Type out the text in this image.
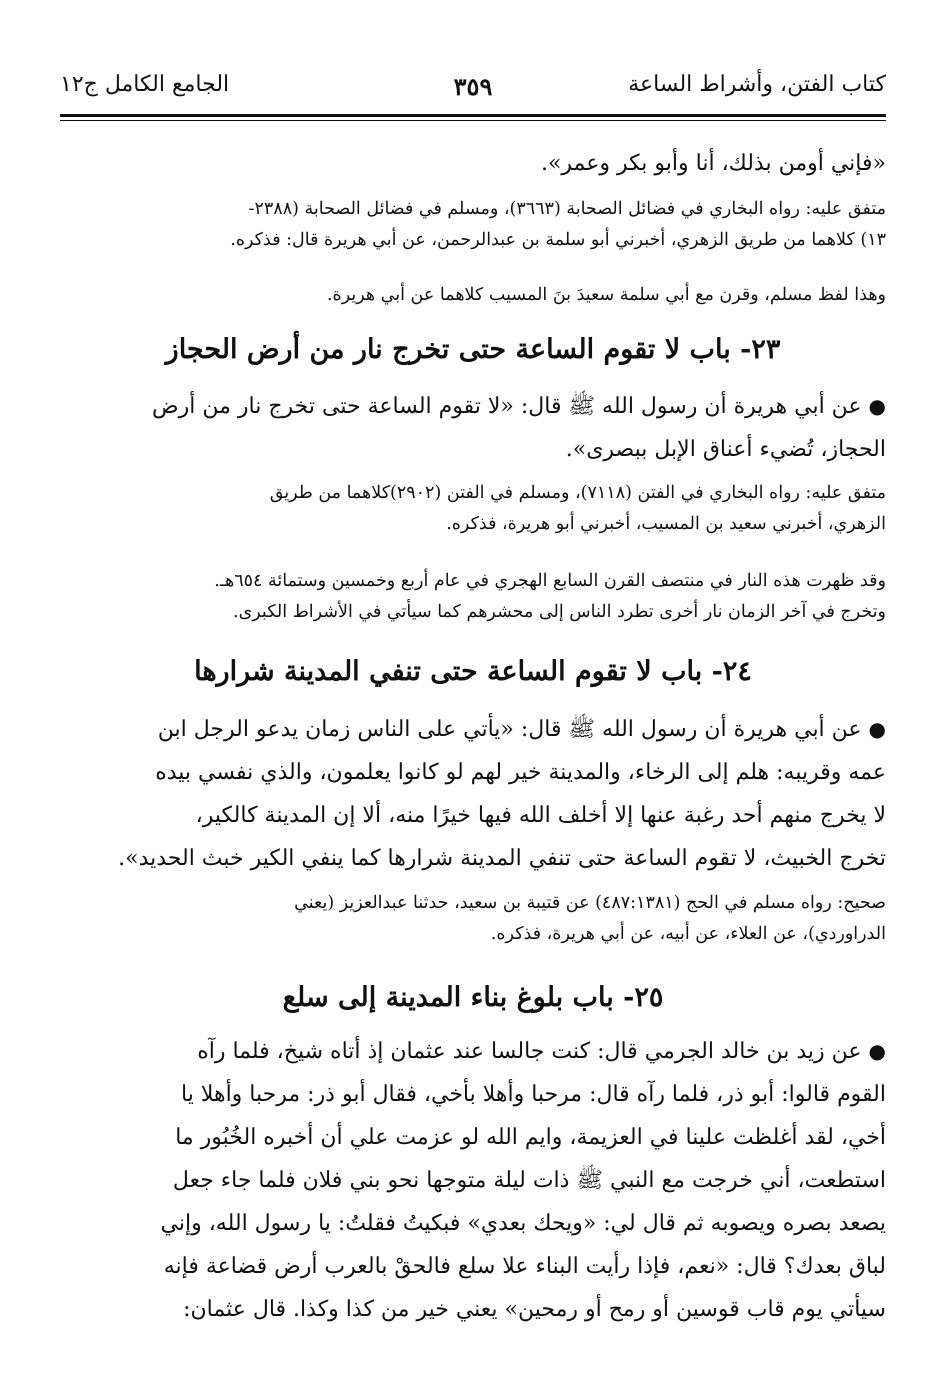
كتاب الفتن، وأشراط الساعة
٣٥٩
الجامع الكامل ج١٢
«فإني أومن بذلك، أنا وأبو بكر وعمر».
متفق عليه: رواه البخاري في فضائل الصحابة (٣٦٦٣)، ومسلم في فضائل الصحابة (٢٣٨٨-
١٣) كلاهما من طريق الزهري، أخبرني أبو سلمة بن عبدالرحمن، عن أبي هريرة قال: فذكره.
وهذا لفظ مسلم، وقرن مع أبي سلمة سعيدَ بنَ المسيب كلاهما عن أبي هريرة.
٢٣- باب لا تقوم الساعة حتى تخرج نار من أرض الحجاز
● عن أبي هريرة أن رسول الله ﷺ قال: «لا تقوم الساعة حتى تخرج نار من أرض
الحجاز، تُضيء أعناق الإبل ببصرى».
متفق عليه: رواه البخاري في الفتن (٧١١٨)، ومسلم في الفتن (٢٩٠٢)كلاهما من طريق
الزهري، أخبرني سعيد بن المسيب، أخبرني أبو هريرة، فذكره.
وقد ظهرت هذه النار في منتصف القرن السابع الهجري في عام أربع وخمسين وستمائة ٦٥٤هـ.
وتخرج في آخر الزمان نار أخرى تطرد الناس إلى محشرهم كما سيأتي في الأشراط الكبرى.
٢٤- باب لا تقوم الساعة حتى تنفي المدينة شرارها
● عن أبي هريرة أن رسول الله ﷺ قال: «يأتي على الناس زمان يدعو الرجل ابن
عمه وقريبه: هلم إلى الرخاء، والمدينة خير لهم لو كانوا يعلمون، والذي نفسي بيده
لا يخرج منهم أحد رغبة عنها إلا أخلف الله فيها خيرًا منه، ألا إن المدينة كالكير،
تخرج الخبيث، لا تقوم الساعة حتى تنفي المدينة شرارها كما ينفي الكير خبث الحديد».
صحيح: رواه مسلم في الحج (٤٨٧:١٣٨١) عن قتيبة بن سعيد، حدثنا عبدالعزيز (يعني
الدراوردي)، عن العلاء، عن أبيه، عن أبي هريرة، فذكره.
٢٥- باب بلوغ بناء المدينة إلى سلع
● عن زيد بن خالد الجرمي قال: كنت جالسا عند عثمان إذ أتاه شيخ، فلما رآه
القوم قالوا: أبو ذر، فلما رآه قال: مرحبا وأهلا بأخي، فقال أبو ذر: مرحبا وأهلا يا
أخي، لقد أغلظت علينا في العزيمة، وايم الله لو عزمت علي أن أخبره الخُبُور ما
استطعت، أني خرجت مع النبي ﷺ ذات ليلة متوجها نحو بني فلان فلما جاء جعل
يصعد بصره ويصوبه ثم قال لي: «ويحك بعدي» فبكيتُ فقلتُ: يا رسول الله، وإني
لباق بعدك؟ قال: «نعم، فإذا رأيت البناء علا سلع فالحقْ بالعرب أرض قضاعة فإنه
سيأتي يوم قاب قوسين أو رمح أو رمحين» يعني خير من كذا وكذا. قال عثمان:
